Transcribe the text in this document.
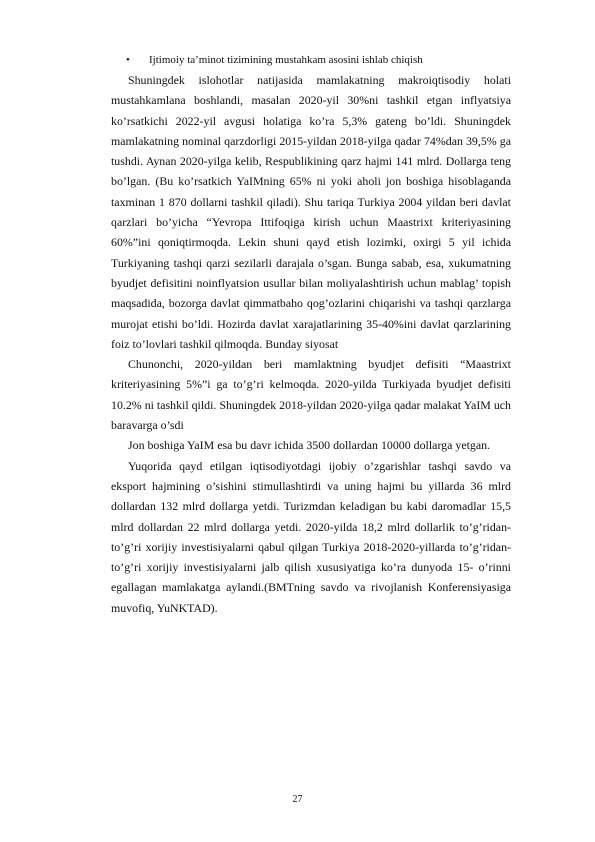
•	Ijtimoiy ta’minot tizimining mustahkam asosini ishlab chiqish

Shuningdek islohotlar natijasida mamlakatning makroiqtisodiy holati mustahkamlana boshlandi, masalan 2020-yil 30%ni tashkil etgan inflyatsiya ko’rsatkichi 2022-yil avgusi holatiga ko’ra 5,3% gateng bo’ldi. Shuningdek mamlakatning nominal qarzdorligi 2015-yildan 2018-yilga qadar 74%dan 39,5% ga tushdi. Aynan 2020-yilga kelib, Respublikining qarz hajmi 141 mlrd. Dollarga teng bo’lgan. (Bu ko’rsatkich YaIMning 65% ni yoki aholi jon boshiga hisoblaganda taxminan 1 870 dollarni tashkil qiladi). Shu tariqa Turkiya 2004 yildan beri davlat qarzlari bo’yicha “Yevropa Ittifoqiga kirish uchun Maastrixt kriteriyasining 60%”ini qoniqtirmoqda. Lekin shuni qayd etish lozimki, oxirgi 5 yil ichida Turkiyaning tashqi qarzi sezilarli darajala o’sgan. Bunga sabab, esa, xukumatning byudjet defisitini noinflyatsion usullar bilan moliyalashtirish uchun mablag’ topish maqsadida, bozorga davlat qimmatbaho qog’ozlarini chiqarishi va tashqi qarzlarga murojat etishi bo’ldi. Hozirda davlat xarajatlarining 35-40%ini davlat qarzlarining foiz to’lovlari tashkil qilmoqda. Bunday siyosat

Chunonchi, 2020-yildan beri mamlaktning byudjet defisiti “Maastrixt kriteriyasining 5%”i ga to’g’ri kelmoqda. 2020-yilda Turkiyada byudjet defisiti 10.2% ni tashkil qildi. Shuningdek 2018-yildan 2020-yilga qadar malakat YaIM uch baravarga o’sdi

Jon boshiga YaIM esa bu davr ichida 3500 dollardan 10000 dollarga yetgan.

Yuqorida qayd etilgan iqtisodiyotdagi ijobiy o’zgarishlar tashqi savdo va eksport hajmining o’sishini stimullashtirdi va uning hajmi bu yillarda 36 mlrd dollardan 132 mlrd dollarga yetdi. Turizmdan keladigan bu kabi daromadlar 15,5 mlrd dollardan 22 mlrd dollarga yetdi. 2020-yilda 18,2 mlrd dollarlik to’g’ridan-to’g’ri xorijiy investisiyalarni qabul qilgan Turkiya 2018-2020-yillarda to’g’ridan-to’g’ri xorijiy investisiyalarni jalb qilish xususiyatiga ko’ra dunyoda 15- o’rinni egallagan mamlakatga aylandi.(BMTning savdo va rivojlanish Konferensiyasiga muvofiq, YuNKTAD).

27
